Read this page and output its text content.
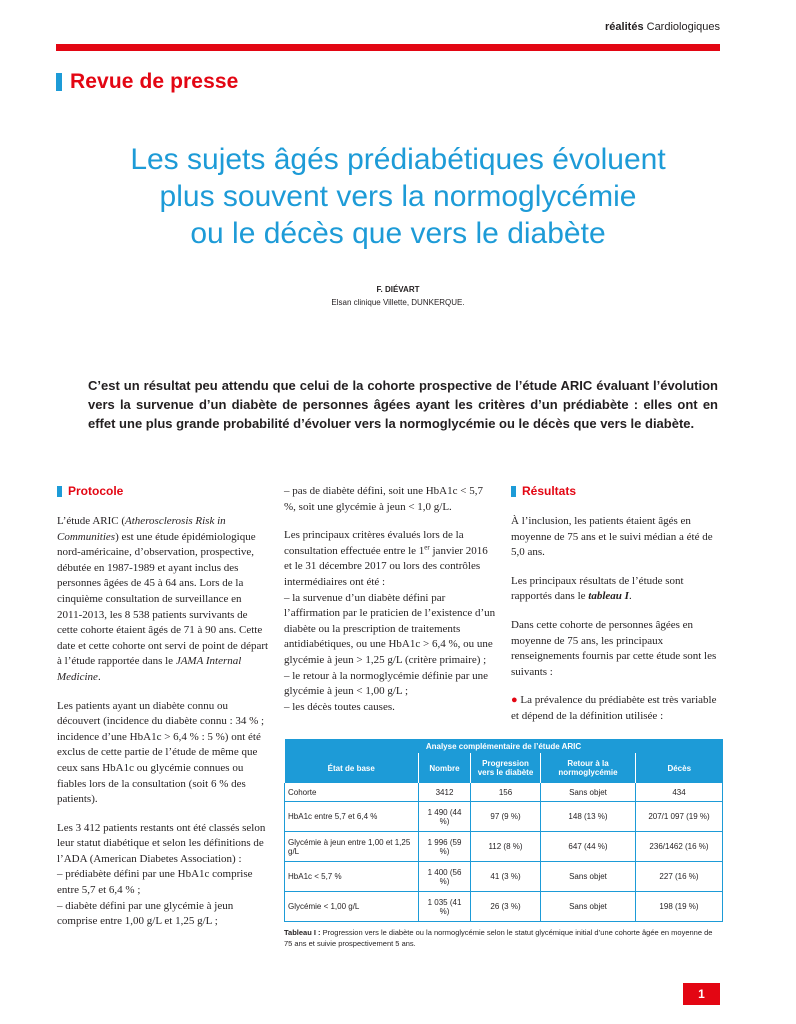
réalités Cardiologiques
Revue de presse
Les sujets âgés prédiabétiques évoluent
plus souvent vers la normoglycémie
ou le décès que vers le diabète
F. DIÉVART
Elsan clinique Villette, DUNKERQUE.
C’est un résultat peu attendu que celui de la cohorte prospective de l’étude ARIC évaluant l’évolution vers la survenue d’un diabète de personnes âgées ayant les critères d’un prédiabète : elles ont en effet une plus grande probabilité d’évoluer vers la normoglycémie ou le décès que vers le diabète.
Protocole

L’étude ARIC (Atherosclerosis Risk in Communities) est une étude épidémiologique nord-américaine, d’observation, prospective, débutée en 1987-1989 et ayant inclus des personnes âgées de 45 à 64 ans. Lors de la cinquième consultation de surveillance en 2011-2013, les 8 538 patients survivants de cette cohorte étaient âgés de 71 à 90 ans. Cette date et cette cohorte ont servi de point de départ à l’étude rapportée dans le JAMA Internal Medicine.

Les patients ayant un diabète connu ou découvert (incidence du diabète connu : 34 % ; incidence d’une HbA1c > 6,4 % : 5 %) ont été exclus de cette partie de l’étude de même que ceux sans HbA1c ou glycémie connues ou fiables lors de la consultation (soit 6 % des patients).

Les 3 412 patients restants ont été classés selon leur statut diabétique et selon les définitions de l’ADA (American Diabetes Association) :

– prédiabète défini par une HbA1c comprise entre 5,7 et 6,4 % ;

– diabète défini par une glycémie à jeun comprise entre 1,00 g/L et 1,25 g/L ;

– pas de diabète défini, soit une HbA1c < 5,7 %, soit une glycémie à jeun < 1,0 g/L.

Les principaux critères évalués lors de la consultation effectuée entre le 1er janvier 2016 et le 31 décembre 2017 ou lors des contrôles intermédiaires ont été :

– la survenue d’un diabète défini par l’affirmation par le praticien de l’existence d’un diabète ou la prescription de traitements antidiabétiques, ou une HbA1c > 6,4 %, ou une glycémie à jeun > 1,25 g/L (critère primaire) ;

– le retour à la normoglycémie définie par une glycémie à jeun < 1,00 g/L ;

– les décès toutes causes.

Résultats

À l’inclusion, les patients étaient âgés en moyenne de 75 ans et le suivi médian a été de 5,0 ans.

Les principaux résultats de l’étude sont rapportés dans le tableau I.

Dans cette cohorte de personnes âgées en moyenne de 75 ans, les principaux renseignements fournis par cette étude sont les suivants :

● La prévalence du prédiabète est très variable et dépend de la définition utilisée :

Analyse complémentaire de l’étude ARIC				
État de base	Nombre	Progression vers le diabète	Retour à la normoglycémie	Décès
Cohorte	3412	156	Sans objet	434
HbA1c entre 5,7 et 6,4 %	1 490 (44 %)	97 (9 %)	148 (13 %)	207/1 097 (19 %)
Glycémie à jeun entre 1,00 et 1,25 g/L	1 996 (59 %)	112 (8 %)	647 (44 %)	236/1462 (16 %)
HbA1c < 5,7 %	1 400 (56 %)	41 (3 %)	Sans objet	227 (16 %)
Glycémie < 1,00 g/L	1 035 (41 %)	26 (3 %)	Sans objet	198 (19 %)
Tableau I : Progression vers le diabète ou la normoglycémie selon le statut glycémique initial d’une cohorte âgée en moyenne de 75 ans et suivie prospectivement 5 ans.
1
